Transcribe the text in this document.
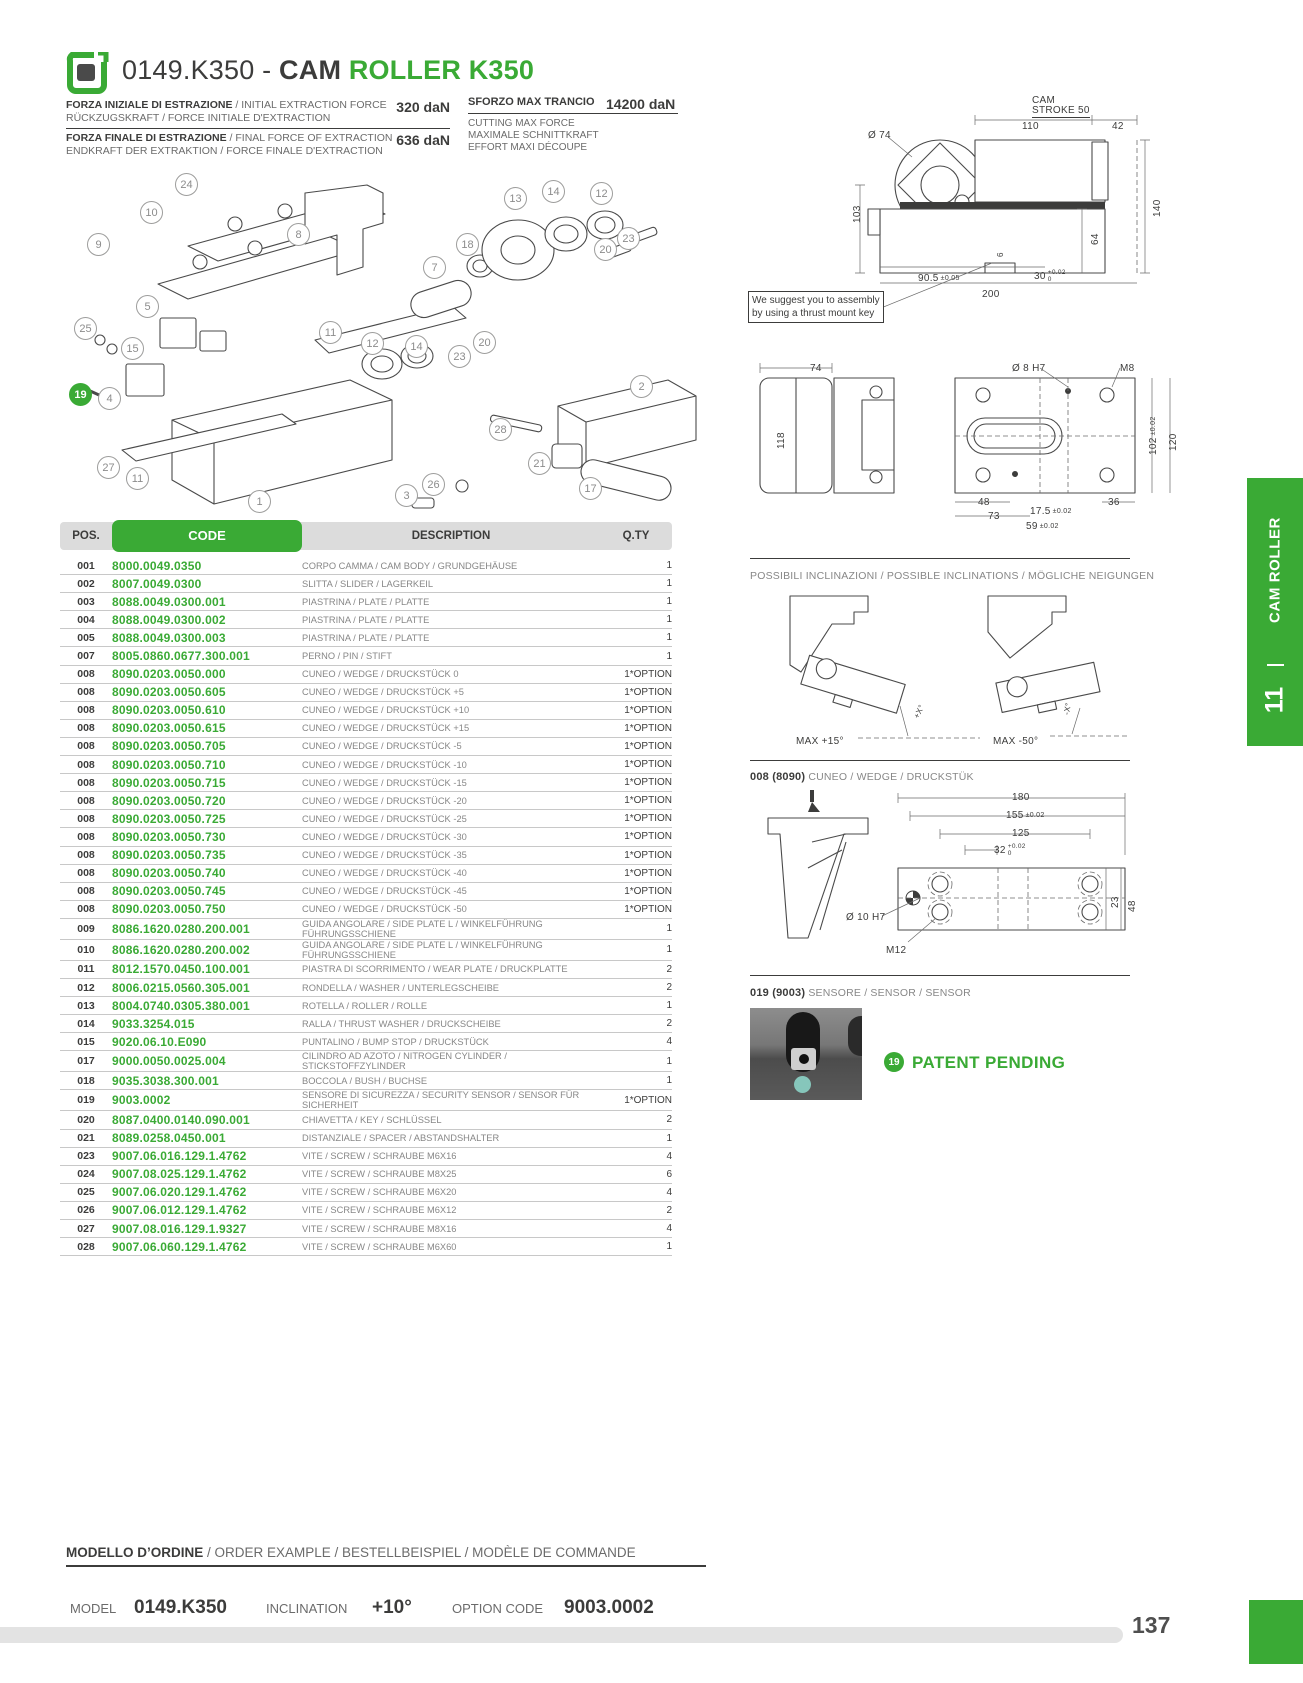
0149.K350 - CAM ROLLER K350
FORZA INIZIALE DI ESTRAZIONE / INITIAL EXTRACTION FORCE
RÜCKZUGSKRAFT / FORCE INITIALE D'EXTRACTION
320 daN
FORZA FINALE DI ESTRAZIONE / FINAL FORCE OF EXTRACTION
ENDKRAFT DER EXTRAKTION / FORCE FINALE D'EXTRACTION
636 daN
SFORZO MAX TRANCIO 14200 daN
CUTTING MAX FORCE
MAXIMALE SCHNITTKRAFT
EFFORT MAXI DÉCOUPE
24
10
9
8
5
25
15
19	4
27
11
1
11
12	14
23
20
13
14	12
18
7
23
20
2
28
21
26
3
17
POS.	CODE	DESCRIPTION	Q.TY
001	8000.0049.0350	CORPO CAMMA / CAM BODY / GRUNDGEHÄUSE	1
002	8007.0049.0300	SLITTA / SLIDER / LAGERKEIL	1
003	8088.0049.0300.001	PIASTRINA / PLATE / PLATTE	1
004	8088.0049.0300.002	PIASTRINA / PLATE / PLATTE	1
005	8088.0049.0300.003	PIASTRINA / PLATE / PLATTE	1
007	8005.0860.0677.300.001	PERNO / PIN / STIFT	1
008	8090.0203.0050.000	CUNEO / WEDGE / DRUCKSTÜCK 0	1*OPTION
008	8090.0203.0050.605	CUNEO / WEDGE / DRUCKSTÜCK +5	1*OPTION
008	8090.0203.0050.610	CUNEO / WEDGE / DRUCKSTÜCK +10	1*OPTION
008	8090.0203.0050.615	CUNEO / WEDGE / DRUCKSTÜCK +15	1*OPTION
008	8090.0203.0050.705	CUNEO / WEDGE / DRUCKSTÜCK -5	1*OPTION
008	8090.0203.0050.710	CUNEO / WEDGE / DRUCKSTÜCK -10	1*OPTION
008	8090.0203.0050.715	CUNEO / WEDGE / DRUCKSTÜCK -15	1*OPTION
008	8090.0203.0050.720	CUNEO / WEDGE / DRUCKSTÜCK -20	1*OPTION
008	8090.0203.0050.725	CUNEO / WEDGE / DRUCKSTÜCK -25	1*OPTION
008	8090.0203.0050.730	CUNEO / WEDGE / DRUCKSTÜCK -30	1*OPTION
008	8090.0203.0050.735	CUNEO / WEDGE / DRUCKSTÜCK -35	1*OPTION
008	8090.0203.0050.740	CUNEO / WEDGE / DRUCKSTÜCK -40	1*OPTION
008	8090.0203.0050.745	CUNEO / WEDGE / DRUCKSTÜCK -45	1*OPTION
008	8090.0203.0050.750	CUNEO / WEDGE / DRUCKSTÜCK -50	1*OPTION
009	8086.1620.0280.200.001	GUIDA ANGOLARE / SIDE PLATE L / WINKELFÜHRUNG FÜHRUNGSSCHIENE	1
010	8086.1620.0280.200.002	GUIDA ANGOLARE / SIDE PLATE L / WINKELFÜHRUNG FÜHRUNGSSCHIENE	1
011	8012.1570.0450.100.001	PIASTRA DI SCORRIMENTO / WEAR PLATE / DRUCKPLATTE	2
012	8006.0215.0560.305.001	RONDELLA / WASHER / UNTERLEGSCHEIBE	2
013	8004.0740.0305.380.001	ROTELLA / ROLLER / ROLLE	1
014	9033.3254.015	RALLA / THRUST WASHER / DRUCKSCHEIBE	2
015	9020.06.10.E090	PUNTALINO / BUMP STOP / DRUCKSTÜCK	4
017	9000.0050.0025.004	CILINDRO AD AZOTO / NITROGEN CYLINDER / STICKSTOFFZYLINDER	1
018	9035.3038.300.001	BOCCOLA / BUSH / BUCHSE	1
019	9003.0002	SENSORE DI SICUREZZA / SECURITY SENSOR / SENSOR FÜR SICHERHEIT	1*OPTION
020	8087.0400.0140.090.001	CHIAVETTA / KEY / SCHLÜSSEL	2
021	8089.0258.0450.001	DISTANZIALE / SPACER / ABSTANDSHALTER	1
023	9007.06.016.129.1.4762	VITE / SCREW / SCHRAUBE M6X16	4
024	9007.08.025.129.1.4762	VITE / SCREW / SCHRAUBE M8X25	6
025	9007.06.020.129.1.4762	VITE / SCREW / SCHRAUBE M6X20	4
026	9007.06.012.129.1.4762	VITE / SCREW / SCHRAUBE M6X12	2
027	9007.08.016.129.1.9327	VITE / SCREW / SCHRAUBE M8X16	4
028	9007.06.060.129.1.4762	VITE / SCREW / SCHRAUBE M6X60	1
We suggest you to assembly
by using a thrust mount key
CAM
STROKE 50
110	42
Ø 74
103	140
64
6
90.5 ±0.05	30 +0.02
0
200
74
118
Ø 8 H7	M8
102±0.02
120
48	36
73	17.5 ±0.02
59 ±0.02
POSSIBILI INCLINAZIONI / POSSIBLE INCLINATIONS / MÖGLICHE NEIGUNGEN
MAX +15°
+X°
MAX -50°
-X°
008 (8090) CUNEO / WEDGE / DRUCKSTÜK
180
155 ±0.02
125
32 +0.02
0
Ø 10 H7
M12
23 48
019 (9003) SENSORE / SENSOR / SENSOR
19 PATENT PENDING
MODELLO D’ORDINE / ORDER EXAMPLE / BESTELLBEISPIEL / MODÈLE DE COMMANDE
MODEL 0149.K350	INCLINATION +10°	OPTION CODE 9003.0002
137
CAM ROLLER
11
